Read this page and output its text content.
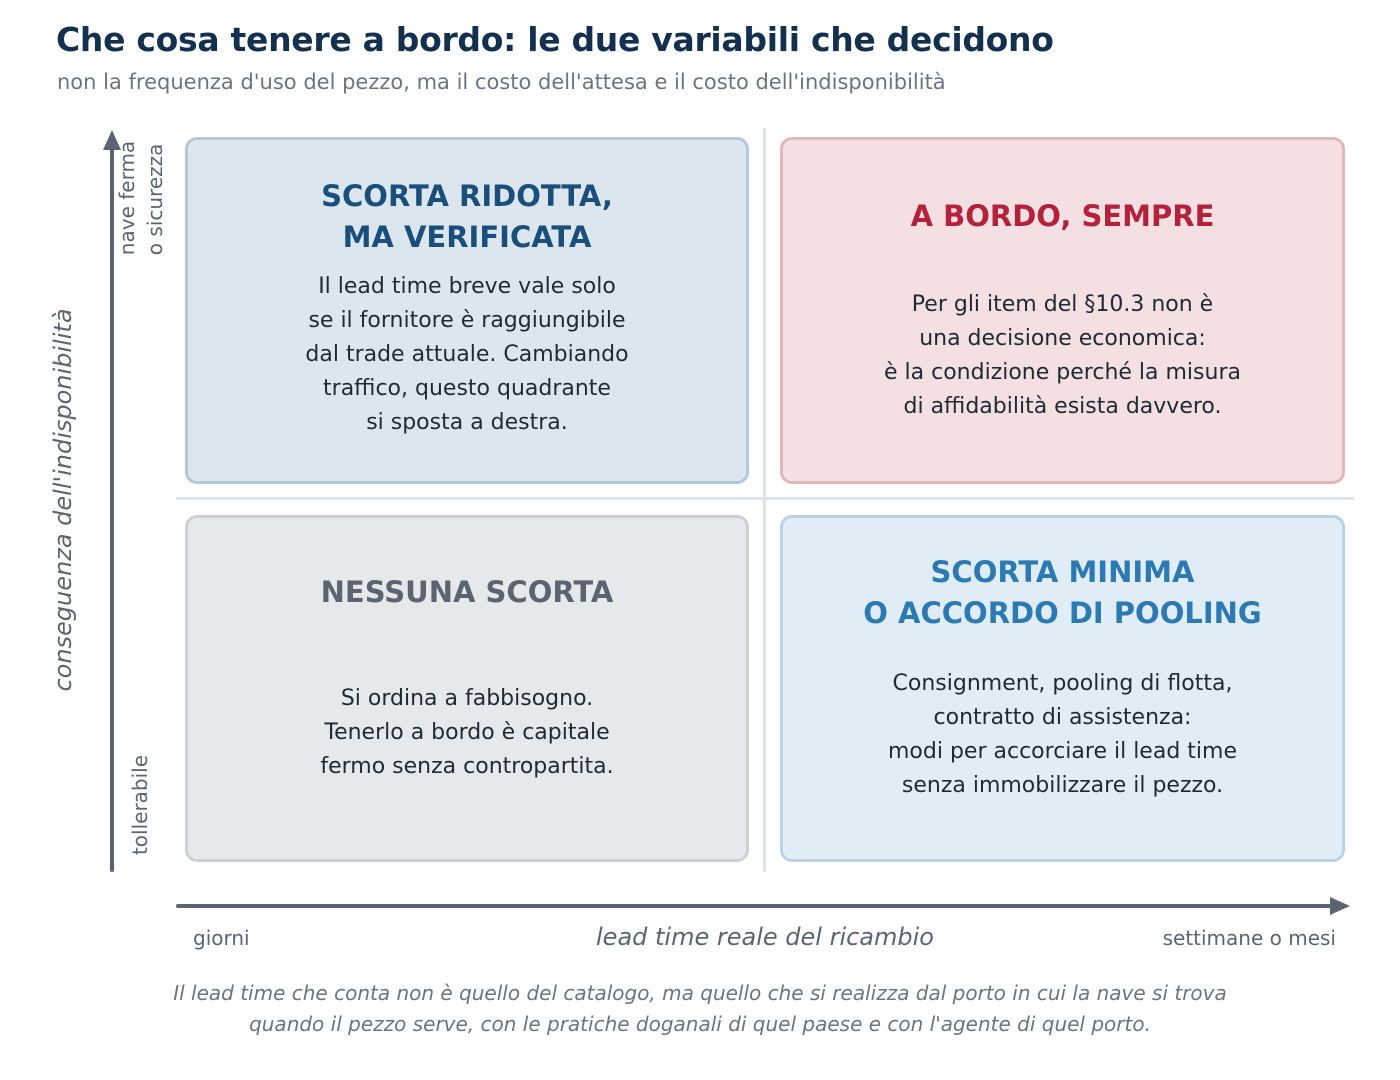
Che cosa tenere a bordo: le due variabili che decidono
non la frequenza d'uso del pezzo, ma il costo dell'attesa e il costo dell'indisponibilità
conseguenza dell'indisponibilità
nave ferma
o sicurezza
tollerabile
SCORTA RIDOTTA,
MA VERIFICATA
Il lead time breve vale solo
se il fornitore è raggiungibile
dal trade attuale. Cambiando
traffico, questo quadrante
si sposta a destra.
A BORDO, SEMPRE
Per gli item del §10.3 non è
una decisione economica:
è la condizione perché la misura
di affidabilità esista davvero.
NESSUNA SCORTA
Si ordina a fabbisogno.
Tenerlo a bordo è capitale
fermo senza contropartita.
SCORTA MINIMA
O ACCORDO DI POOLING
Consignment, pooling di flotta,
contratto di assistenza:
modi per accorciare il lead time
senza immobilizzare il pezzo.
giorni	lead time reale del ricambio	settimane o mesi
Il lead time che conta non è quello del catalogo, ma quello che si realizza dal porto in cui la nave si trova
quando il pezzo serve, con le pratiche doganali di quel paese e con l'agente di quel porto.
